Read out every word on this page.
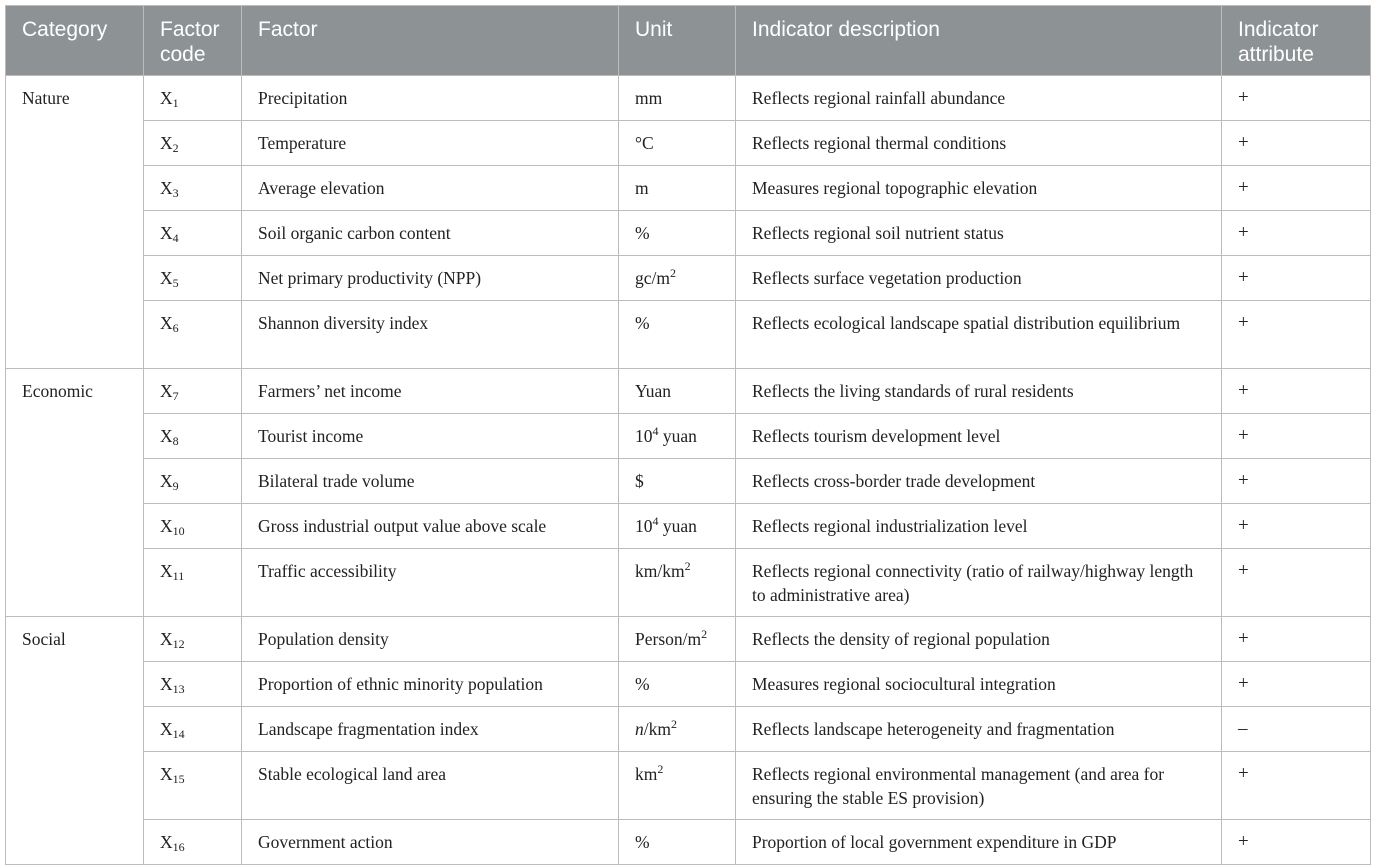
Category	Factor code	Factor	Unit	Indicator description	Indicator attribute
Nature	$X_1$	Precipitation	mm	Reflects regional rainfall abundance	+
	$X_2$	Temperature	°C	Reflects regional thermal conditions	+
	$X_3$	Average elevation	m	Measures regional topographic elevation	+
	$X_4$	Soil organic carbon content	%	Reflects regional soil nutrient status	+
	$X_5$	Net primary productivity (NPP)	$gc/m^2$	Reflects surface vegetation production	+
	$X_6$	Shannon diversity index	%	Reflects ecological landscape spatial distribution equilibrium	+
Economic	$X_7$	Farmers’ net income	Yuan	Reflects the living standards of rural residents	+
	$X_8$	Tourist income	$10^4$ yuan	Reflects tourism development level	+
	$X_9$	Bilateral trade volume	$	Reflects cross-border trade development	+
	$X_{10}$	Gross industrial output value above scale	$10^4$ yuan	Reflects regional industrialization level	+
	$X_{11}$	Traffic accessibility	$km/km^2$	Reflects regional connectivity (ratio of railway/highway length to administrative area)	+
Social	$X_{12}$	Population density	Person/$m^2$	Reflects the density of regional population	+
	$X_{13}$	Proportion of ethnic minority population	%	Measures regional sociocultural integration	+
	$X_{14}$	Landscape fragmentation index	$n/km^2$	Reflects landscape heterogeneity and fragmentation	–
	$X_{15}$	Stable ecological land area	$km^2$	Reflects regional environmental management (and area for ensuring the stable ES provision)	+
	$X_{16}$	Government action	%	Proportion of local government expenditure in GDP	+
